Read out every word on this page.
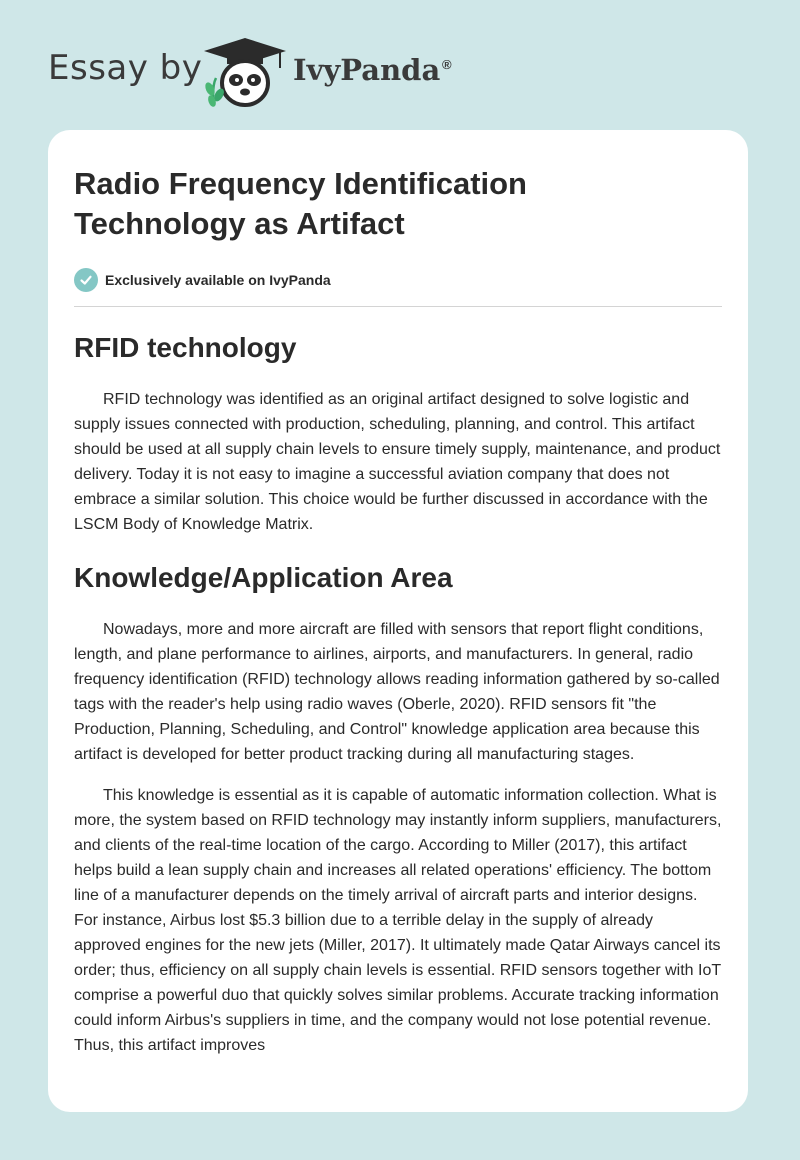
Essay by	IvyPanda ®
Radio Frequency Identification Technology as Artifact
Exclusively available on IvyPanda
RFID technology

RFID technology was identified as an original artifact designed to solve logistic and supply issues connected with production, scheduling, planning, and control. This artifact should be used at all supply chain levels to ensure timely supply, maintenance, and product delivery. Today it is not easy to imagine a successful aviation company that does not embrace a similar solution. This choice would be further discussed in accordance with the LSCM Body of Knowledge Matrix.

Knowledge/Application Area

Nowadays, more and more aircraft are filled with sensors that report flight conditions, length, and plane performance to airlines, airports, and manufacturers. In general, radio frequency identification (RFID) technology allows reading information gathered by so-called tags with the reader's help using radio waves (Oberle, 2020). RFID sensors fit "the Production, Planning, Scheduling, and Control" knowledge application area because this artifact is developed for better product tracking during all manufacturing stages.

This knowledge is essential as it is capable of automatic information collection. What is more, the system based on RFID technology may instantly inform suppliers, manufacturers, and clients of the real-time location of the cargo. According to Miller (2017), this artifact helps build a lean supply chain and increases all related operations' efficiency. The bottom line of a manufacturer depends on the timely arrival of aircraft parts and interior designs. For instance, Airbus lost $5.3 billion due to a terrible delay in the supply of already approved engines for the new jets (Miller, 2017). It ultimately made Qatar Airways cancel its order; thus, efficiency on all supply chain levels is essential. RFID sensors together with IoT comprise a powerful duo that quickly solves similar problems. Accurate tracking information could inform Airbus's suppliers in time, and the company would not lose potential revenue. Thus, this artifact improves
